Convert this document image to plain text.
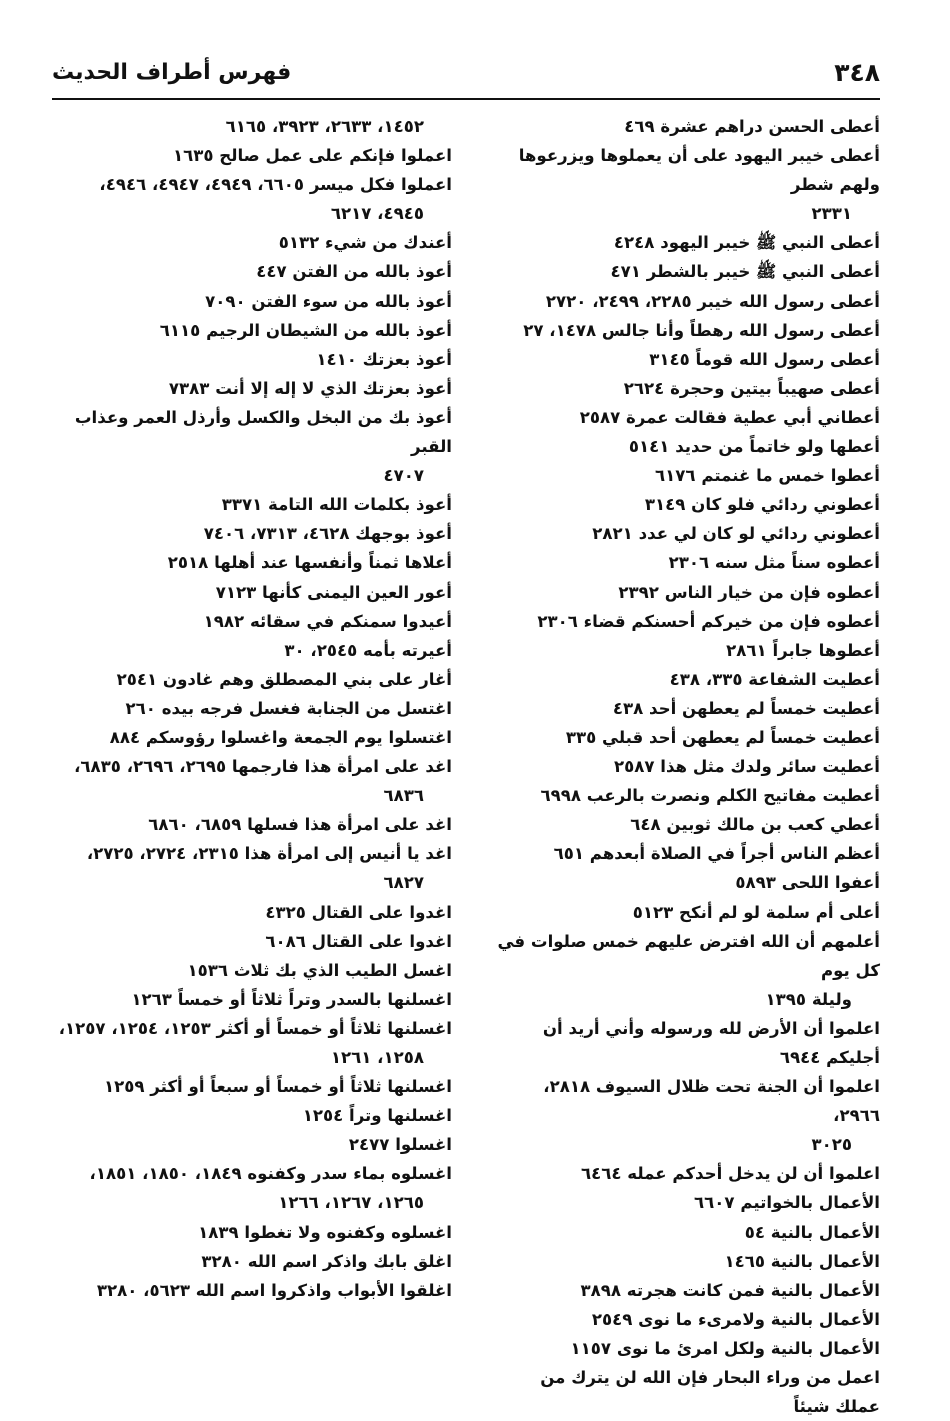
٣٤٨
فهرس أطراف الحديث
أعطى الحسن دراهم عشرة ٤٦٩
أعطى خيبر اليهود على أن يعملوها ويزرعوها ولهم شطر
٢٣٣١
أعطى النبي ﷺ خيبر اليهود ٤٢٤٨
أعطى النبي ﷺ خيبر بالشطر ٤٧١
أعطى رسول الله خيبر ٢٢٨٥، ٢٤٩٩، ٢٧٢٠
أعطى رسول الله رهطاً وأنا جالس ١٤٧٨، ٢٧
أعطى رسول الله قوماً ٣١٤٥
أعطى صهيباً بيتين وحجرة ٢٦٢٤
أعطاني أبي عطية فقالت عمرة ٢٥٨٧
أعطها ولو خاتماً من حديد ٥١٤١
أعطوا خمس ما غنمتم ٦١٧٦
أعطوني ردائي فلو كان ٣١٤٩
أعطوني ردائي لو كان لي عدد ٢٨٢١
أعطوه سناً مثل سنه ٢٣٠٦
أعطوه فإن من خيار الناس ٢٣٩٢
أعطوه فإن من خيركم أحسنكم قضاء ٢٣٠٦
أعطوها جابراً ٢٨٦١
أعطيت الشفاعة ٣٣٥، ٤٣٨
أعطيت خمساً لم يعطهن أحد ٤٣٨
أعطيت خمساً لم يعطهن أحد قبلي ٣٣٥
أعطيت سائر ولدك مثل هذا ٢٥٨٧
أعطيت مفاتيح الكلم ونصرت بالرعب ٦٩٩٨
أعطي كعب بن مالك ثوبين ٦٤٨
أعظم الناس أجراً في الصلاة أبعدهم ٦٥١
أعفوا اللحى ٥٨٩٣
أعلى أم سلمة لو لم أنكح ٥١٢٣
أعلمهم أن الله افترض عليهم خمس صلوات في كل يوم
وليلة ١٣٩٥
اعلموا أن الأرض لله ورسوله وأني أريد أن أجليكم ٦٩٤٤
اعلموا أن الجنة تحت ظلال السيوف ٢٨١٨، ٢٩٦٦،
٣٠٢٥
اعلموا أن لن يدخل أحدكم عمله ٦٤٦٤
الأعمال بالخواتيم ٦٦٠٧
الأعمال بالنية ٥٤
الأعمال بالنية ١٤٦٥
الأعمال بالنية فمن كانت هجرته ٣٨٩٨
الأعمال بالنية ولامرىء ما نوى ٢٥٤٩
الأعمال بالنية ولكل امرئ ما نوى ١١٥٧
اعمل من وراء البحار فإن الله لن يترك من عملك شيئاً
١٤٥٢، ٢٦٣٣، ٣٩٢٣، ٦١٦٥
اعملوا فإنكم على عمل صالح ١٦٣٥
اعملوا فكل ميسر ٦٦٠٥، ٤٩٤٩، ٤٩٤٧، ٤٩٤٦،
٤٩٤٥، ٦٢١٧
أعندك من شيء ٥١٣٢
أعوذ بالله من الفتن ٤٤٧
أعوذ بالله من سوء الفتن ٧٠٩٠
أعوذ بالله من الشيطان الرجيم ٦١١٥
أعوذ بعزتك ١٤١٠
أعوذ بعزتك الذي لا إله إلا أنت ٧٣٨٣
أعوذ بك من البخل والكسل وأرذل العمر وعذاب القبر
٤٧٠٧
أعوذ بكلمات الله التامة ٣٣٧١
أعوذ بوجهك ٤٦٢٨، ٧٣١٣، ٧٤٠٦
أعلاها ثمناً وأنفسها عند أهلها ٢٥١٨
أعور العين اليمنى كأنها ٧١٢٣
أعيدوا سمنكم في سقائه ١٩٨٢
أعيرته بأمه ٢٥٤٥، ٣٠
أغار على بني المصطلق وهم غادون ٢٥٤١
اغتسل من الجنابة فغسل فرجه بيده ٢٦٠
اغتسلوا يوم الجمعة واغسلوا رؤوسكم ٨٨٤
اغد على امرأة هذا فارجمها ٢٦٩٥، ٢٦٩٦، ٦٨٣٥،
٦٨٣٦
اغد على امرأة هذا فسلها ٦٨٥٩، ٦٨٦٠
اغد يا أنيس إلى امرأة هذا ٢٣١٥، ٢٧٢٤، ٢٧٢٥،
٦٨٢٧
اغدوا على القتال ٤٣٢٥
اغدوا على القتال ٦٠٨٦
اغسل الطيب الذي بك ثلاث ١٥٣٦
اغسلنها بالسدر وتراً ثلاثاً أو خمساً ١٢٦٣
اغسلنها ثلاثاً أو خمساً أو أكثر ١٢٥٣، ١٢٥٤، ١٢٥٧،
١٢٥٨، ١٢٦١
اغسلنها ثلاثاً أو خمساً أو سبعاً أو أكثر ١٢٥٩
اغسلنها وتراً ١٢٥٤
اغسلوا ٢٤٧٧
اغسلوه بماء سدر وكفنوه ١٨٤٩، ١٨٥٠، ١٨٥١،
١٢٦٥، ١٢٦٧، ١٢٦٦
اغسلوه وكفنوه ولا تغطوا ١٨٣٩
اغلق بابك واذكر اسم الله ٣٢٨٠
اغلقوا الأبواب واذكروا اسم الله ٥٦٢٣، ٣٢٨٠
